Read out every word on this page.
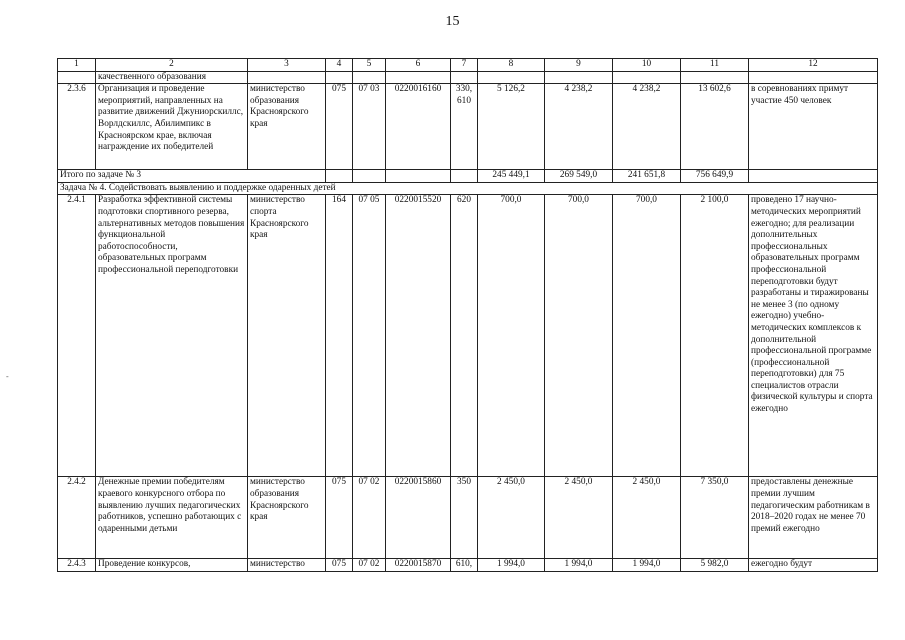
15
-
1	2	3	4	5	6	7	8	9	10	11	12
	качественного образования										
2.3.6	Организация и проведение мероприятий, направленных на развитие движений Джуниорскиллс, Ворлдскиллс, Абилимпикс в Красноярском крае, включая награждение их победителей	министерство образования Красноярского края	075	07 03	0220016160	330, 610	5 126,2	4 238,2	4 238,2	13 602,6	в соревнованиях примут участие 450 человек
Итого по задаче № 3							245 449,1	269 549,0	241 651,8	756 649,9	
Задача № 4. Содействовать выявлению и поддержке одаренных детей											
2.4.1	Разработка эффективной системы подготовки спортивного резерва, альтернативных методов повышения функциональной работоспособности, образовательных программ профессиональной переподготовки	министерство спорта Красноярского края	164	07 05	0220015520	620	700,0	700,0	700,0	2 100,0	проведено 17 научно-методических мероприятий ежегодно; для реализации дополнительных профессиональных образовательных программ профессиональной переподготовки будут разработаны и тиражированы не менее 3 (по одному ежегодно) учебно-методических комплексов к дополнительной профессиональной программе (профессиональной переподготовки) для 75 специалистов отрасли физической культуры и спорта ежегодно
2.4.2	Денежные премии победителям краевого конкурсного отбора по выявлению лучших педагогических работников, успешно работающих с одаренными детьми	министерство образования Красноярского края	075	07 02	0220015860	350	2 450,0	2 450,0	2 450,0	7 350,0	предоставлены денежные премии лучшим педагогическим работникам в 2018–2020 годах не менее 70 премий ежегодно
2.4.3	Проведение конкурсов,	министерство	075	07 02	0220015870	610,	1 994,0	1 994,0	1 994,0	5 982,0	ежегодно будут
